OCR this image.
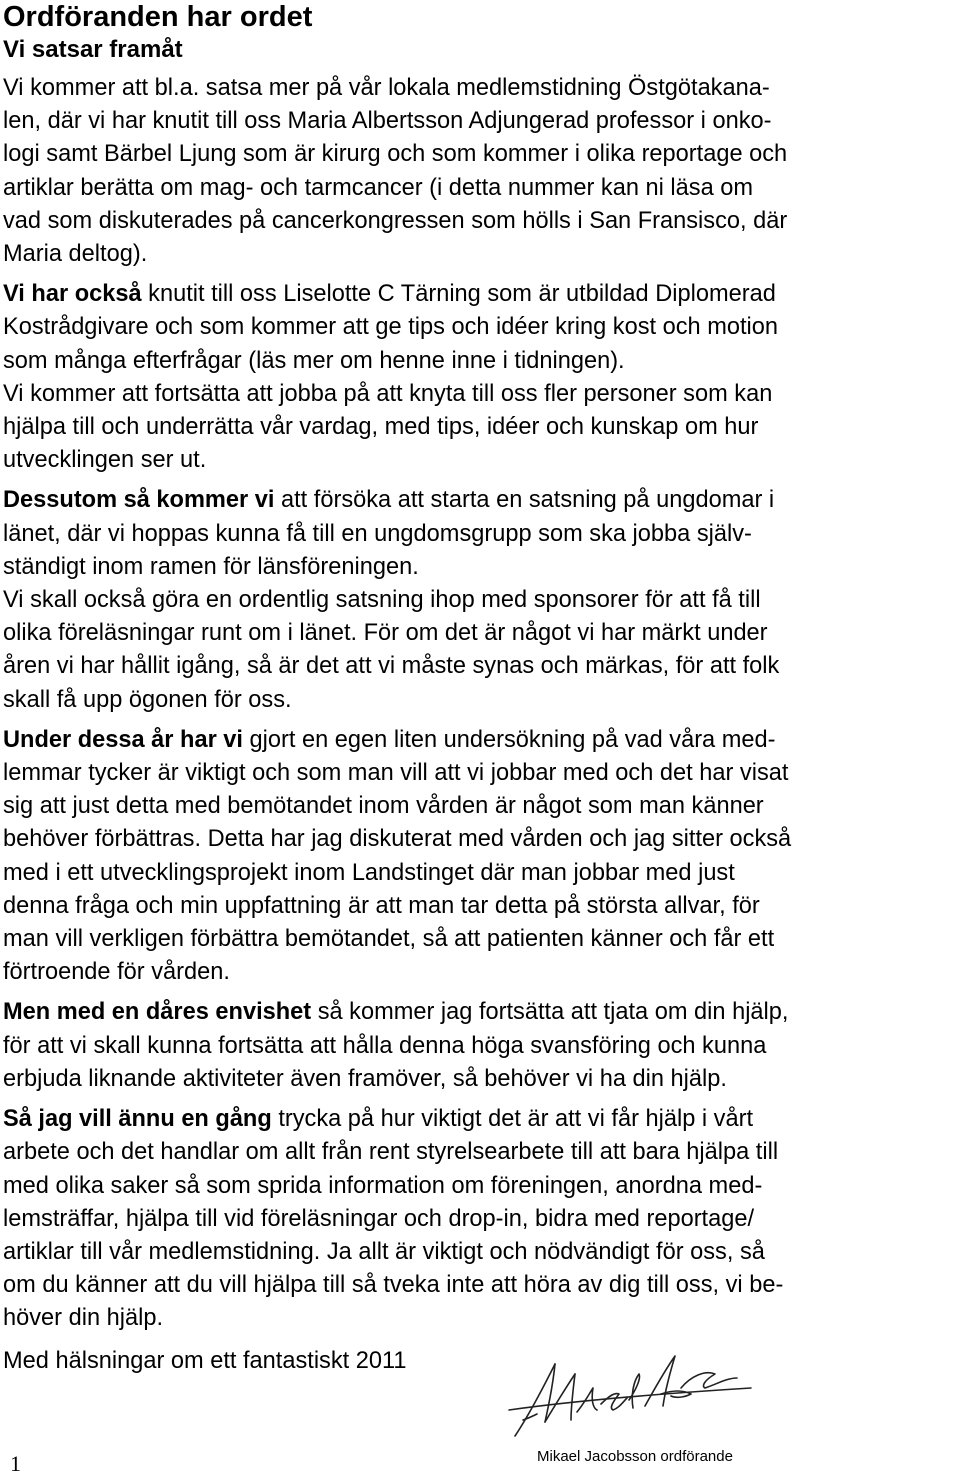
Ordföranden har ordet
Vi satsar framåt

Vi kommer att bl.a. satsa mer på vår lokala medlemstidning Östgötakana-
len, där vi har knutit till oss Maria Albertsson Adjungerad professor i onko-
logi samt Bärbel Ljung som är kirurg och som kommer i olika reportage och
artiklar berätta om mag- och tarmcancer (i detta nummer kan ni läsa om
vad som diskuterades på cancerkongressen som hölls i San Fransisco, där
Maria deltog).

Vi har också knutit till oss Liselotte C Tärning som är utbildad Diplomerad
Kostrådgivare och som kommer att ge tips och idéer kring kost och motion
som många efterfrågar (läs mer om henne inne i tidningen).

Vi kommer att fortsätta att jobba på att knyta till oss fler personer som kan
hjälpa till och underrätta vår vardag, med tips, idéer och kunskap om hur
utvecklingen ser ut.

Dessutom så kommer vi att försöka att starta en satsning på ungdomar i
länet, där vi hoppas kunna få till en ungdomsgrupp som ska jobba själv-
ständigt inom ramen för länsföreningen.

Vi skall också göra en ordentlig satsning ihop med sponsorer för att få till
olika föreläsningar runt om i länet. För om det är något vi har märkt under
åren vi har hållit igång, så är det att vi måste synas och märkas, för att folk
skall få upp ögonen för oss.

Under dessa år har vi gjort en egen liten undersökning på vad våra med-
lemmar tycker är viktigt och som man vill att vi jobbar med och det har visat
sig att just detta med bemötandet inom vården är något som man känner
behöver förbättras. Detta har jag diskuterat med vården och jag sitter också
med i ett utvecklingsprojekt inom Landstinget där man jobbar med just
denna fråga och min uppfattning är att man tar detta på största allvar, för
man vill verkligen förbättra bemötandet, så att patienten känner och får ett
förtroende för vården.

Men med en dåres envishet så kommer jag fortsätta att tjata om din hjälp,
för att vi skall kunna fortsätta att hålla denna höga svansföring och kunna
erbjuda liknande aktiviteter även framöver, så behöver vi ha din hjälp.

Så jag vill ännu en gång trycka på hur viktigt det är att vi får hjälp i vårt
arbete och det handlar om allt från rent styrelsearbete till att bara hjälpa till
med olika saker så som sprida information om föreningen, anordna med-
lemsträffar, hjälpa till vid föreläsningar och drop-in, bidra med reportage/
artiklar till vår medlemstidning. Ja allt är viktigt och nödvändigt för oss, så
om du känner att du vill hjälpa till så tveka inte att höra av dig till oss, vi be-
höver din hjälp.

Med hälsningar om ett fantastiskt 2011
Mikael Jacobsson ordförande
1
